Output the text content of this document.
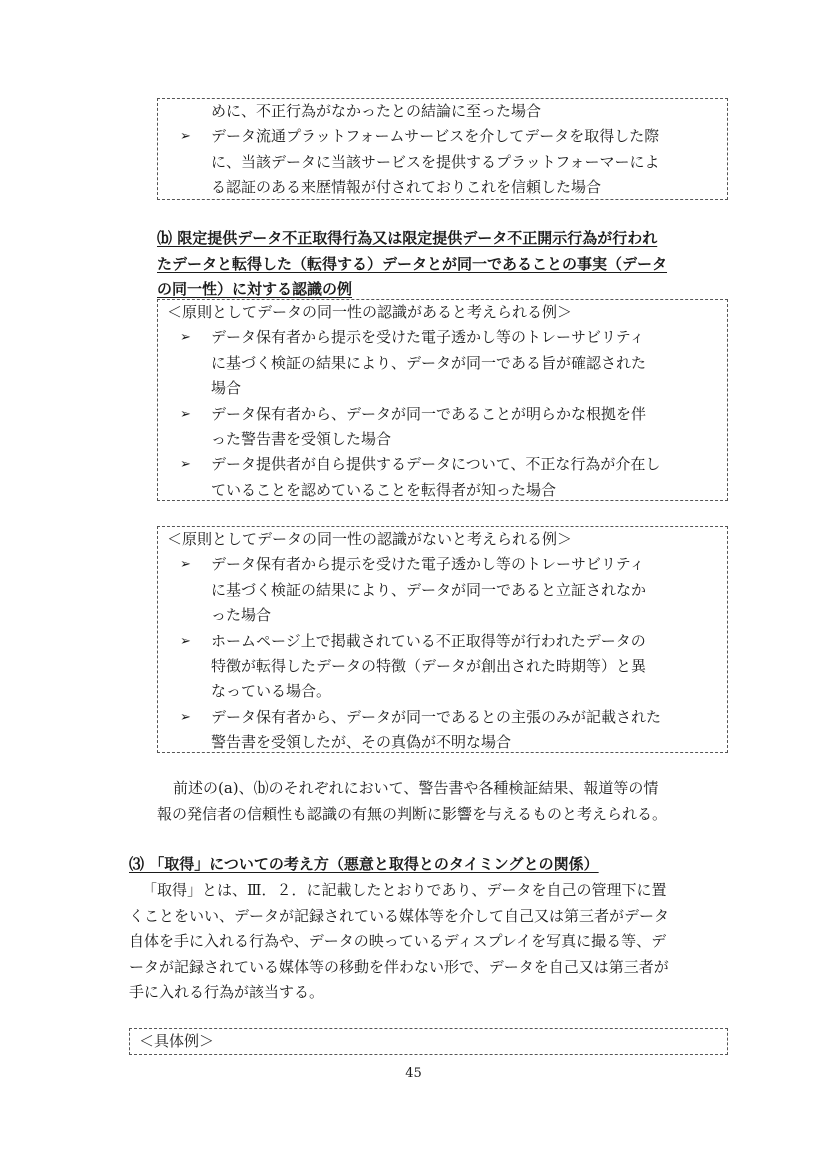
めに、不正行為がなかったとの結論に至った場合

➢ データ流通プラットフォームサービスを介してデータを取得した際

に、当該データに当該サービスを提供するプラットフォーマーによ

る認証のある来歴情報が付されておりこれを信頼した場合

⒝ 限定提供データ不正取得行為又は限定提供データ不正開示行為が行われ

たデータと転得した（転得する）データとが同一であることの事実（データ

の同一性）に対する認識の例

＜原則としてデータの同一性の認識があると考えられる例＞

➢ データ保有者から提示を受けた電子透かし等のトレーサビリティ

に基づく検証の結果により、データが同一である旨が確認された

場合

➢ データ保有者から、データが同一であることが明らかな根拠を伴

った警告書を受領した場合

➢ データ提供者が自ら提供するデータについて、不正な行為が介在し

ていることを認めていることを転得者が知った場合

＜原則としてデータの同一性の認識がないと考えられる例＞

➢ データ保有者から提示を受けた電子透かし等のトレーサビリティ

に基づく検証の結果により、データが同一であると立証されなか

った場合

➢ ホームページ上で掲載されている不正取得等が行われたデータの

特徴が転得したデータの特徴（データが創出された時期等）と異

なっている場合。

➢ データ保有者から、データが同一であるとの主張のみが記載された

警告書を受領したが、その真偽が不明な場合

前述の(a)、⒝のそれぞれにおいて、警告書や各種検証結果、報道等の情

報の発信者の信頼性も認識の有無の判断に影響を与えるものと考えられる。

⑶ 「取得」についての考え方（悪意と取得とのタイミングとの関係）

「取得」とは、Ⅲ．２．に記載したとおりであり、データを自己の管理下に置

くことをいい、データが記録されている媒体等を介して自己又は第三者がデータ

自体を手に入れる行為や、データの映っているディスプレイを写真に撮る等、デ

ータが記録されている媒体等の移動を伴わない形で、データを自己又は第三者が

手に入れる行為が該当する。

＜具体例＞

45
